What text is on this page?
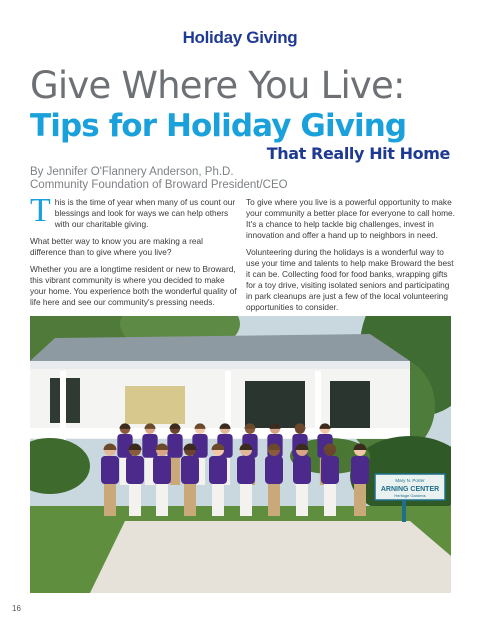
Holiday Giving
Give Where You Live:
Tips for Holiday Giving
That Really Hit Home
By Jennifer O'Flannery Anderson, Ph.D.
Community Foundation of Broward President/CEO

This is the time of year when many of us count our blessings and look for ways we can help others with our charitable giving.

What better way to know you are making a real difference than to give where you live?

Whether you are a longtime resident or new to Broward, this vibrant community is where you decided to make your home. You experience both the wonderful quality of life here and see our community's pressing needs.

To give where you live is a powerful opportunity to make your community a better place for everyone to call home. It's a chance to help tackle big challenges, invest in innovation and offer a hand up to neighbors in need.

Volunteering during the holidays is a wonderful way to use your time and talents to help make Broward the best it can be. Collecting food for food banks, wrapping gifts for a toy drive, visiting isolated seniors and participating in park cleanups are just a few of the local volunteering opportunities to consider.

Mary N. Porter
ARNING CENTER
Heritage Gardens
16
